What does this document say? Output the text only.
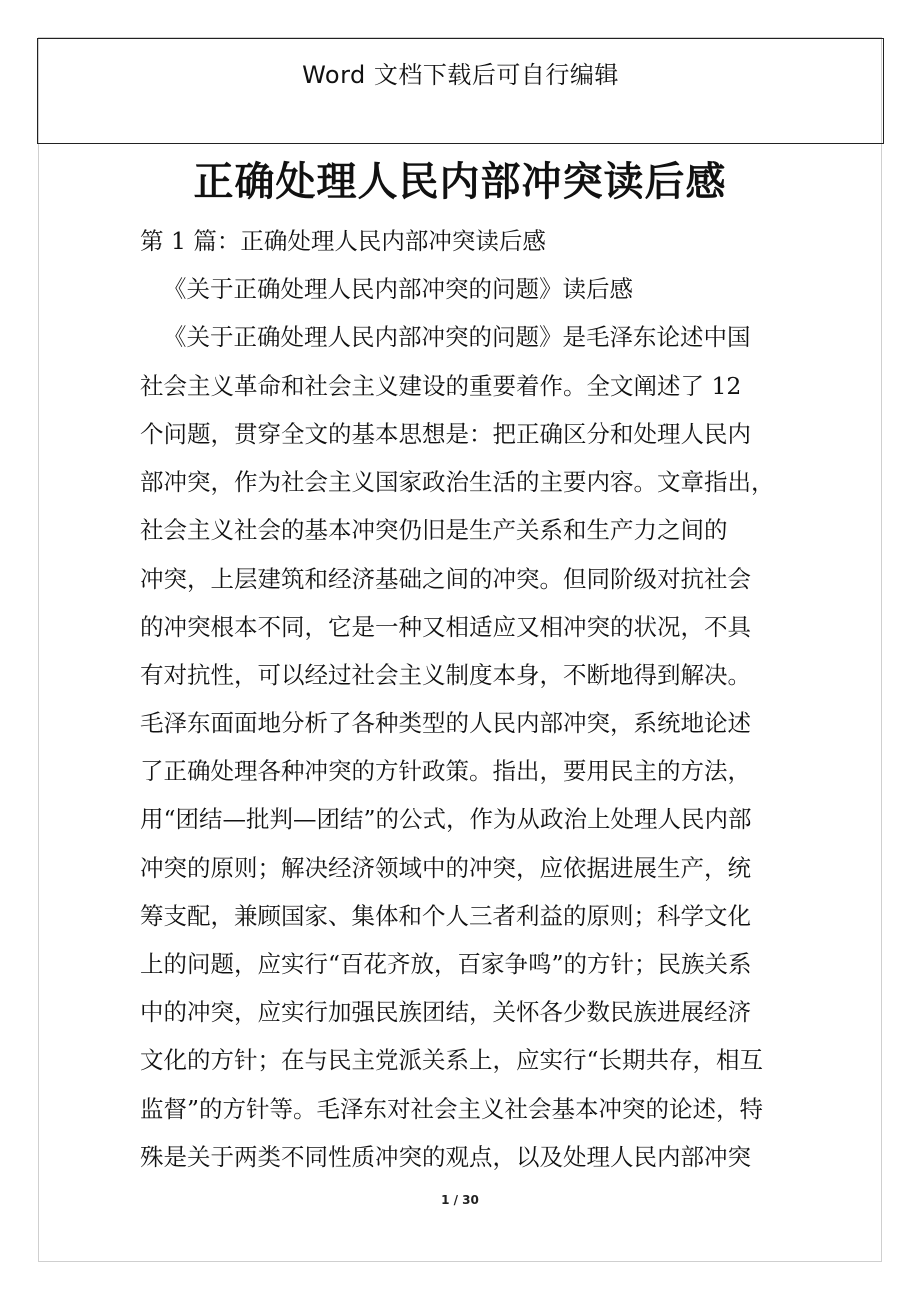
Word 文档下载后可自行编辑
正确处理人民内部冲突读后感
第 1 篇：正确处理人民内部冲突读后感
《关于正确处理人民内部冲突的问题》读后感
《关于正确处理人民内部冲突的问题》是毛泽东论述中国
社会主义革命和社会主义建设的重要着作。全文阐述了 12
个问题，贯穿全文的基本思想是：把正确区分和处理人民内
部冲突，作为社会主义国家政治生活的主要内容。文章指出，
社会主义社会的基本冲突仍旧是生产关系和生产力之间的
冲突，上层建筑和经济基础之间的冲突。但同阶级对抗社会
的冲突根本不同，它是一种又相适应又相冲突的状况，不具
有对抗性，可以经过社会主义制度本身，不断地得到解决。
毛泽东面面地分析了各种类型的人民内部冲突，系统地论述
了正确处理各种冲突的方针政策。指出，要用民主的方法，
用“团结—批判—团结”的公式，作为从政治上处理人民内部
冲突的原则；解决经济领域中的冲突，应依据进展生产，统
筹支配，兼顾国家、集体和个人三者利益的原则；科学文化
上的问题，应实行“百花齐放，百家争鸣”的方针；民族关系
中的冲突，应实行加强民族团结，关怀各少数民族进展经济
文化的方针；在与民主党派关系上，应实行“长期共存，相互
监督”的方针等。毛泽东对社会主义社会基本冲突的论述，特
殊是关于两类不同性质冲突的观点，以及处理人民内部冲突
1 / 30
